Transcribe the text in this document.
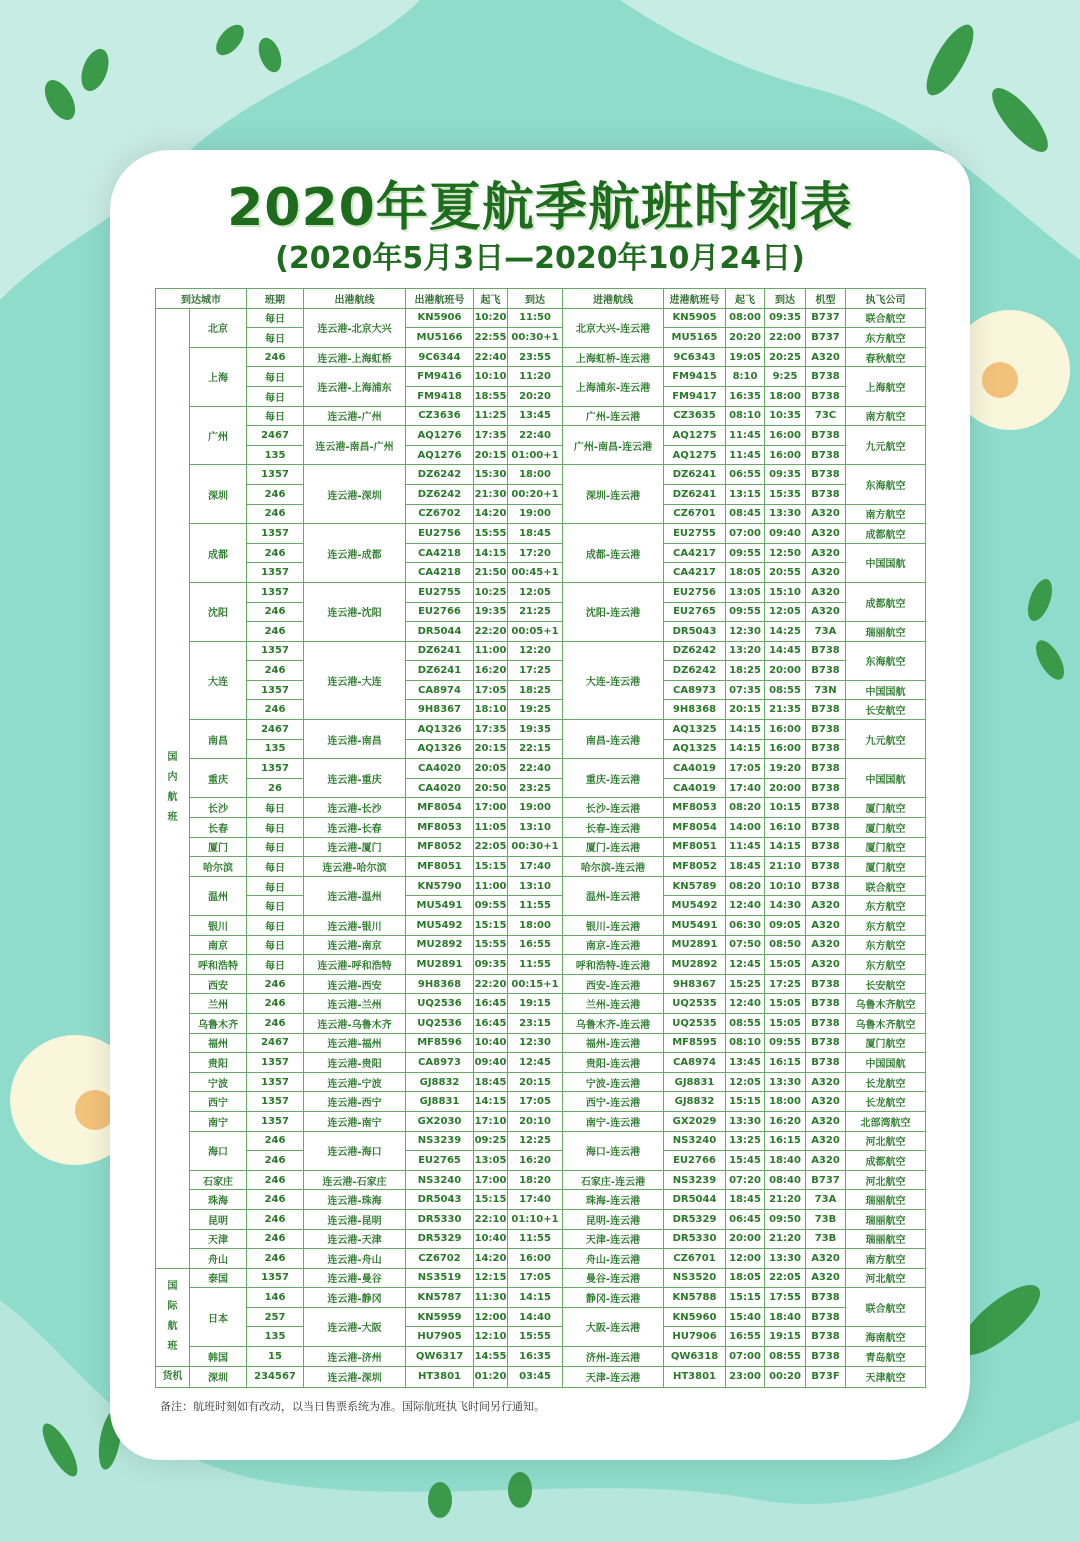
2020年夏航季航班时刻表
(2020年5月3日—2020年10月24日)
到达城市		班期	出港航线	出港航班号	起飞	到达	进港航线	进港航班号	起飞	到达	机型	执飞公司

国
内
航
班	北京	每日	连云港-北京大兴	KN5906	10:20	11:50	北京大兴-连云港	KN5905	08:00	09:35	B737	联合航空
		每日		MU5166	22:55	00:30+1		MU5165	20:20	22:00	B737	东方航空
	上海	246	连云港-上海虹桥	9C6344	22:40	23:55	上海虹桥-连云港	9C6343	19:05	20:25	A320	春秋航空
		每日	连云港-上海浦东	FM9416	10:10	11:20	上海浦东-连云港	FM9415	8:10	9:25	B738	上海航空
		每日		FM9418	18:55	20:20		FM9417	16:35	18:00	B738	
	广州	每日	连云港-广州	CZ3636	11:25	13:45	广州-连云港	CZ3635	08:10	10:35	73C	南方航空
		2467	连云港-南昌-广州	AQ1276	17:35	22:40	广州-南昌-连云港	AQ1275	11:45	16:00	B738	九元航空
		135		AQ1276	20:15	01:00+1		AQ1275	11:45	16:00	B738	
	深圳	1357	连云港-深圳	DZ6242	15:30	18:00	深圳-连云港	DZ6241	06:55	09:35	B738	东海航空
		246		DZ6242	21:30	00:20+1		DZ6241	13:15	15:35	B738	
		246		CZ6702	14:20	19:00		CZ6701	08:45	13:30	A320	南方航空
	成都	1357	连云港-成都	EU2756	15:55	18:45	成都-连云港	EU2755	07:00	09:40	A320	成都航空
		246		CA4218	14:15	17:20		CA4217	09:55	12:50	A320	中国国航
		1357		CA4218	21:50	00:45+1		CA4217	18:05	20:55	A320	
	沈阳	1357	连云港-沈阳	EU2755	10:25	12:05	沈阳-连云港	EU2756	13:05	15:10	A320	成都航空
		246		EU2766	19:35	21:25		EU2765	09:55	12:05	A320	
		246		DR5044	22:20	00:05+1		DR5043	12:30	14:25	73A	瑞丽航空
	大连	1357	连云港-大连	DZ6241	11:00	12:20	大连-连云港	DZ6242	13:20	14:45	B738	东海航空
		246		DZ6241	16:20	17:25		DZ6242	18:25	20:00	B738	
		1357		CA8974	17:05	18:25		CA8973	07:35	08:55	73N	中国国航
		246		9H8367	18:10	19:25		9H8368	20:15	21:35	B738	长安航空
	南昌	2467	连云港-南昌	AQ1326	17:35	19:35	南昌-连云港	AQ1325	14:15	16:00	B738	九元航空
		135		AQ1326	20:15	22:15		AQ1325	14:15	16:00	B738	
	重庆	1357	连云港-重庆	CA4020	20:05	22:40	重庆-连云港	CA4019	17:05	19:20	B738	中国国航
		26		CA4020	20:50	23:25		CA4019	17:40	20:00	B738	
	长沙	每日	连云港-长沙	MF8054	17:00	19:00	长沙-连云港	MF8053	08:20	10:15	B738	厦门航空
	长春	每日	连云港-长春	MF8053	11:05	13:10	长春-连云港	MF8054	14:00	16:10	B738	厦门航空
	厦门	每日	连云港-厦门	MF8052	22:05	00:30+1	厦门-连云港	MF8051	11:45	14:15	B738	厦门航空
	哈尔滨	每日	连云港-哈尔滨	MF8051	15:15	17:40	哈尔滨-连云港	MF8052	18:45	21:10	B738	厦门航空
	温州	每日	连云港-温州	KN5790	11:00	13:10	温州-连云港	KN5789	08:20	10:10	B738	联合航空
		每日		MU5491	09:55	11:55		MU5492	12:40	14:30	A320	东方航空
	银川	每日	连云港-银川	MU5492	15:15	18:00	银川-连云港	MU5491	06:30	09:05	A320	东方航空
	南京	每日	连云港-南京	MU2892	15:55	16:55	南京-连云港	MU2891	07:50	08:50	A320	东方航空
	呼和浩特	每日	连云港-呼和浩特	MU2891	09:35	11:55	呼和浩特-连云港	MU2892	12:45	15:05	A320	东方航空
	西安	246	连云港-西安	9H8368	22:20	00:15+1	西安-连云港	9H8367	15:25	17:25	B738	长安航空
	兰州	246	连云港-兰州	UQ2536	16:45	19:15	兰州-连云港	UQ2535	12:40	15:05	B738	乌鲁木齐航空
	乌鲁木齐	246	连云港-乌鲁木齐	UQ2536	16:45	23:15	乌鲁木齐-连云港	UQ2535	08:55	15:05	B738	乌鲁木齐航空
	福州	2467	连云港-福州	MF8596	10:40	12:30	福州-连云港	MF8595	08:10	09:55	B738	厦门航空
	贵阳	1357	连云港-贵阳	CA8973	09:40	12:45	贵阳-连云港	CA8974	13:45	16:15	B738	中国国航
	宁波	1357	连云港-宁波	GJ8832	18:45	20:15	宁波-连云港	GJ8831	12:05	13:30	A320	长龙航空
	西宁	1357	连云港-西宁	GJ8831	14:15	17:05	西宁-连云港	GJ8832	15:15	18:00	A320	长龙航空
	南宁	1357	连云港-南宁	GX2030	17:10	20:10	南宁-连云港	GX2029	13:30	16:20	A320	北部湾航空
	海口	246	连云港-海口	NS3239	09:25	12:25	海口-连云港	NS3240	13:25	16:15	A320	河北航空
		246		EU2765	13:05	16:20		EU2766	15:45	18:40	A320	成都航空
	石家庄	246	连云港-石家庄	NS3240	17:00	18:20	石家庄-连云港	NS3239	07:20	08:40	B737	河北航空
	珠海	246	连云港-珠海	DR5043	15:15	17:40	珠海-连云港	DR5044	18:45	21:20	73A	瑞丽航空
	昆明	246	连云港-昆明	DR5330	22:10	01:10+1	昆明-连云港	DR5329	06:45	09:50	73B	瑞丽航空
	天津	246	连云港-天津	DR5329	10:40	11:55	天津-连云港	DR5330	20:00	21:20	73B	瑞丽航空
	舟山	246	连云港-舟山	CZ6702	14:20	16:00	舟山-连云港	CZ6701	12:00	13:30	A320	南方航空

国
际
航
班	泰国	1357	连云港-曼谷	NS3519	12:15	17:05	曼谷-连云港	NS3520	18:05	22:05	A320	河北航空
	日本	146	连云港-静冈	KN5787	11:30	14:15	静冈-连云港	KN5788	15:15	17:55	B738	联合航空
		257	连云港-大阪	KN5959	12:00	14:40	大阪-连云港	KN5960	15:40	18:40	B738	
		135		HU7905	12:10	15:55		HU7906	16:55	19:15	B738	海南航空
	韩国	15	连云港-济州	QW6317	14:55	16:35	济州-连云港	QW6318	07:00	08:55	B738	青岛航空

货机	深圳	234567	连云港-深圳	HT3801	01:20	03:45	天津-连云港	HT3801	23:00	00:20	B73F	天津航空
备注：航班时刻如有改动，以当日售票系统为准。国际航班执飞时间另行通知。
